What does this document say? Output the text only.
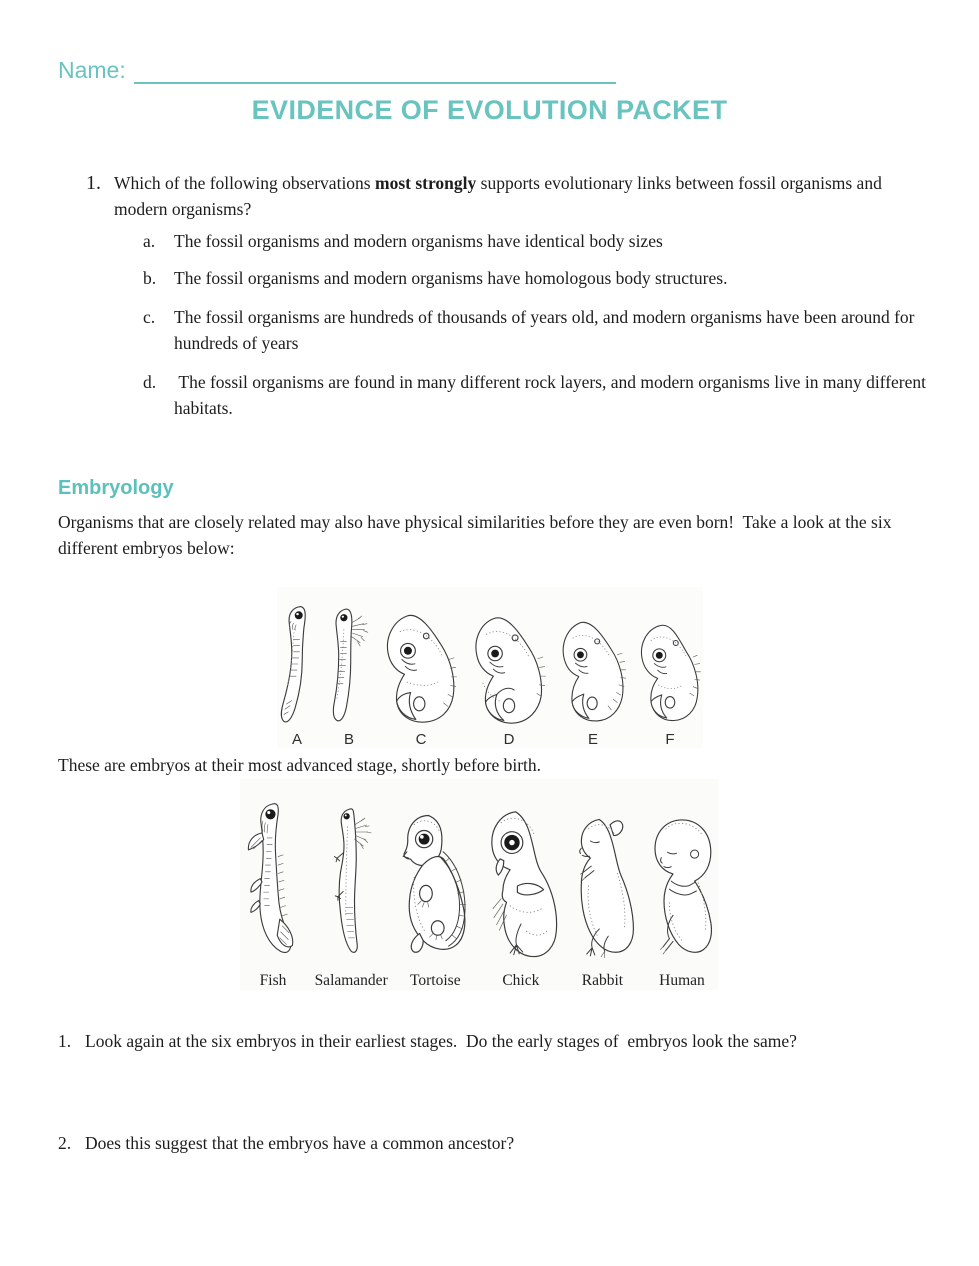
Name:
EVIDENCE OF EVOLUTION PACKET
1. Which of the following observations most strongly supports evolutionary links between fossil organisms and modern organisms?
a.	The fossil organisms and modern organisms have identical body sizes
b.	The fossil organisms and modern organisms have homologous body structures.
c.	The fossil organisms are hundreds of thousands of years old, and modern organisms have been around for hundreds of years
d.	The fossil organisms are found in many different rock layers, and modern organisms live in many different habitats.
Embryology
Organisms that are closely related may also have physical similarities before they are even born!  Take a look at the six different embryos below:
A	B	C	D	E	F
These are embryos at their most advanced stage, shortly before birth.
Fish Salamander Tortoise	Chick	Rabbit Human
1. Look again at the six embryos in their earliest stages.  Do the early stages of  embryos look the same?
2. Does this suggest that the embryos have a common ancestor?
